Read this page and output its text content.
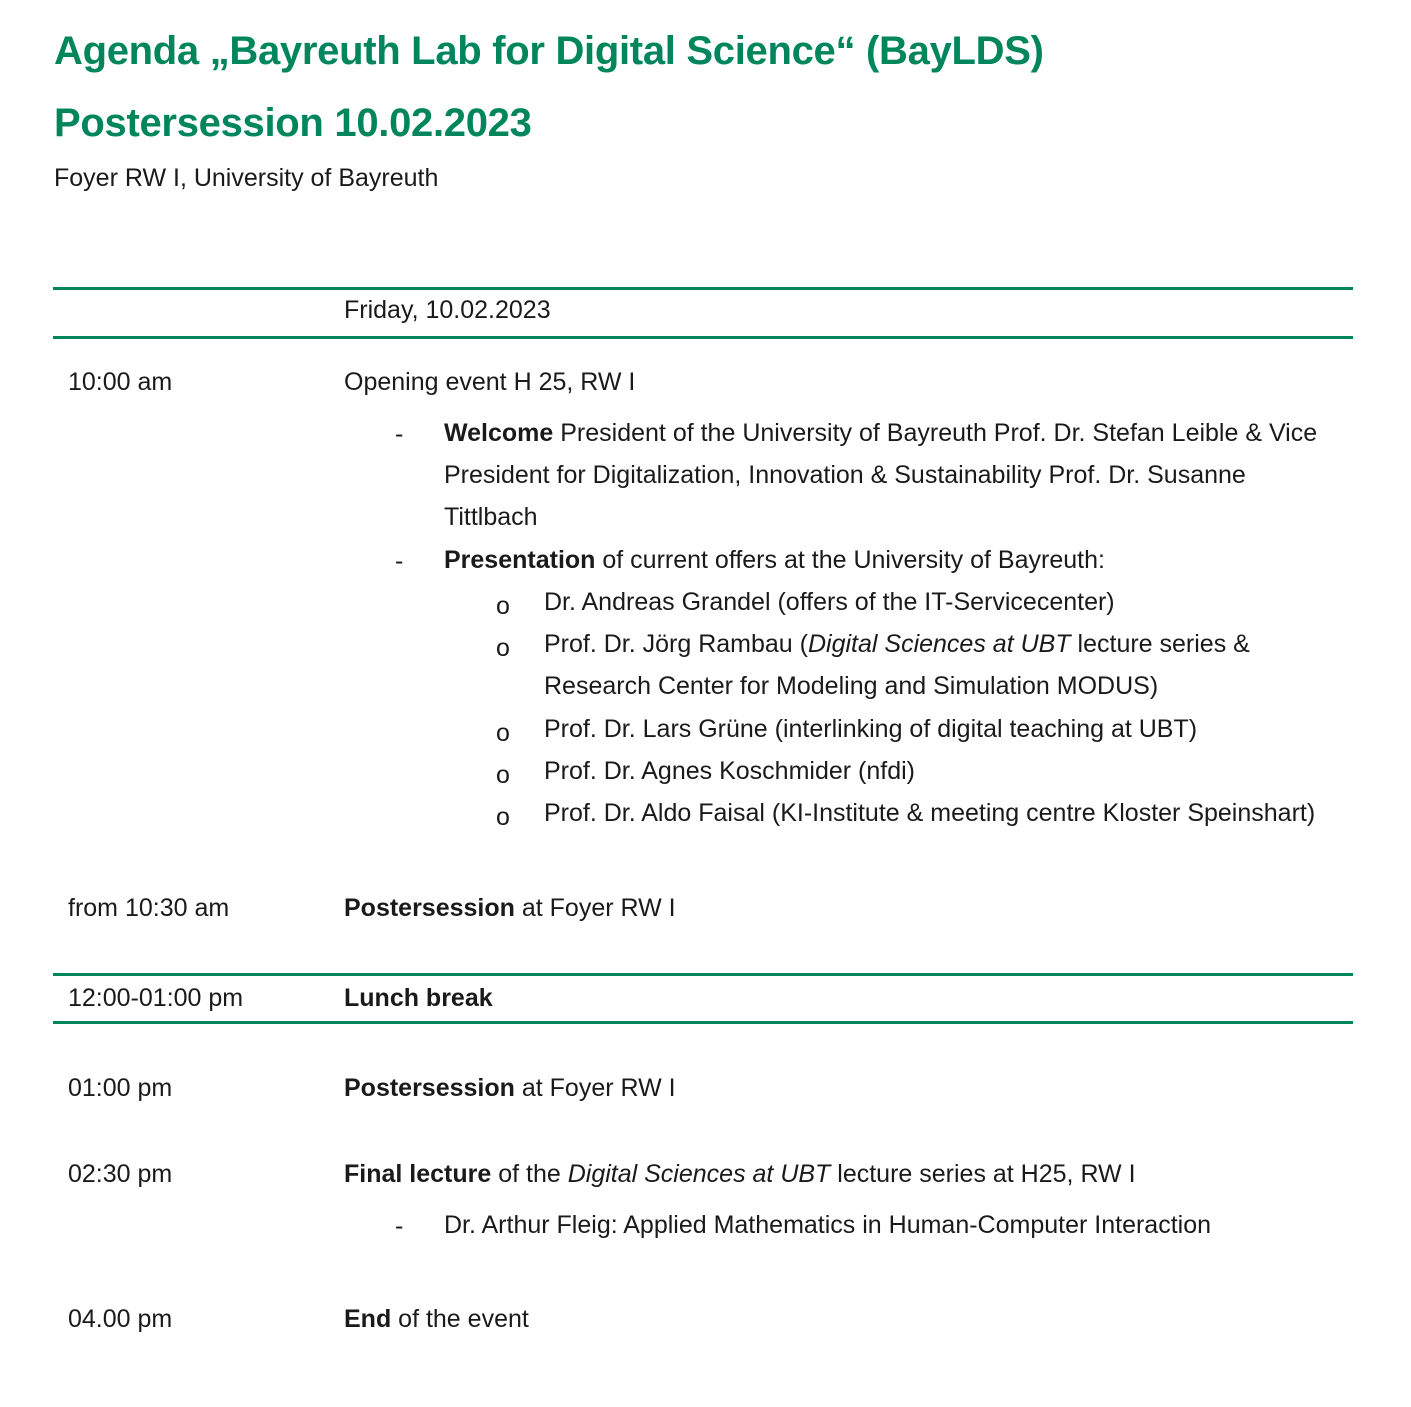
Agenda „Bayreuth Lab for Digital Science“ (BayLDS)
Postersession 10.02.2023
Foyer RW I, University of Bayreuth
Friday, 10.02.2023
10:00 am	Opening event H 25, RW I
- Welcome President of the University of Bayreuth Prof. Dr. Stefan Leible & Vice President for Digitalization, Innovation & Sustainability Prof. Dr. Susanne Tittlbach
- Presentation of current offers at the University of Bayreuth:
o Dr. Andreas Grandel (offers of the IT-Servicecenter)
o Prof. Dr. Jörg Rambau (Digital Sciences at UBT lecture series & Research Center for Modeling and Simulation MODUS)
o Prof. Dr. Lars Grüne (interlinking of digital teaching at UBT)
o Prof. Dr. Agnes Koschmider (nfdi)
o Prof. Dr. Aldo Faisal (KI-Institute & meeting centre Kloster Speinshart)
from 10:30 am	Postersession at Foyer RW I
12:00-01:00 pm	Lunch break
01:00 pm	Postersession at Foyer RW I
02:30 pm	Final lecture of the Digital Sciences at UBT lecture series at H25, RW I
- Dr. Arthur Fleig: Applied Mathematics in Human-Computer Interaction
04.00 pm	End of the event
